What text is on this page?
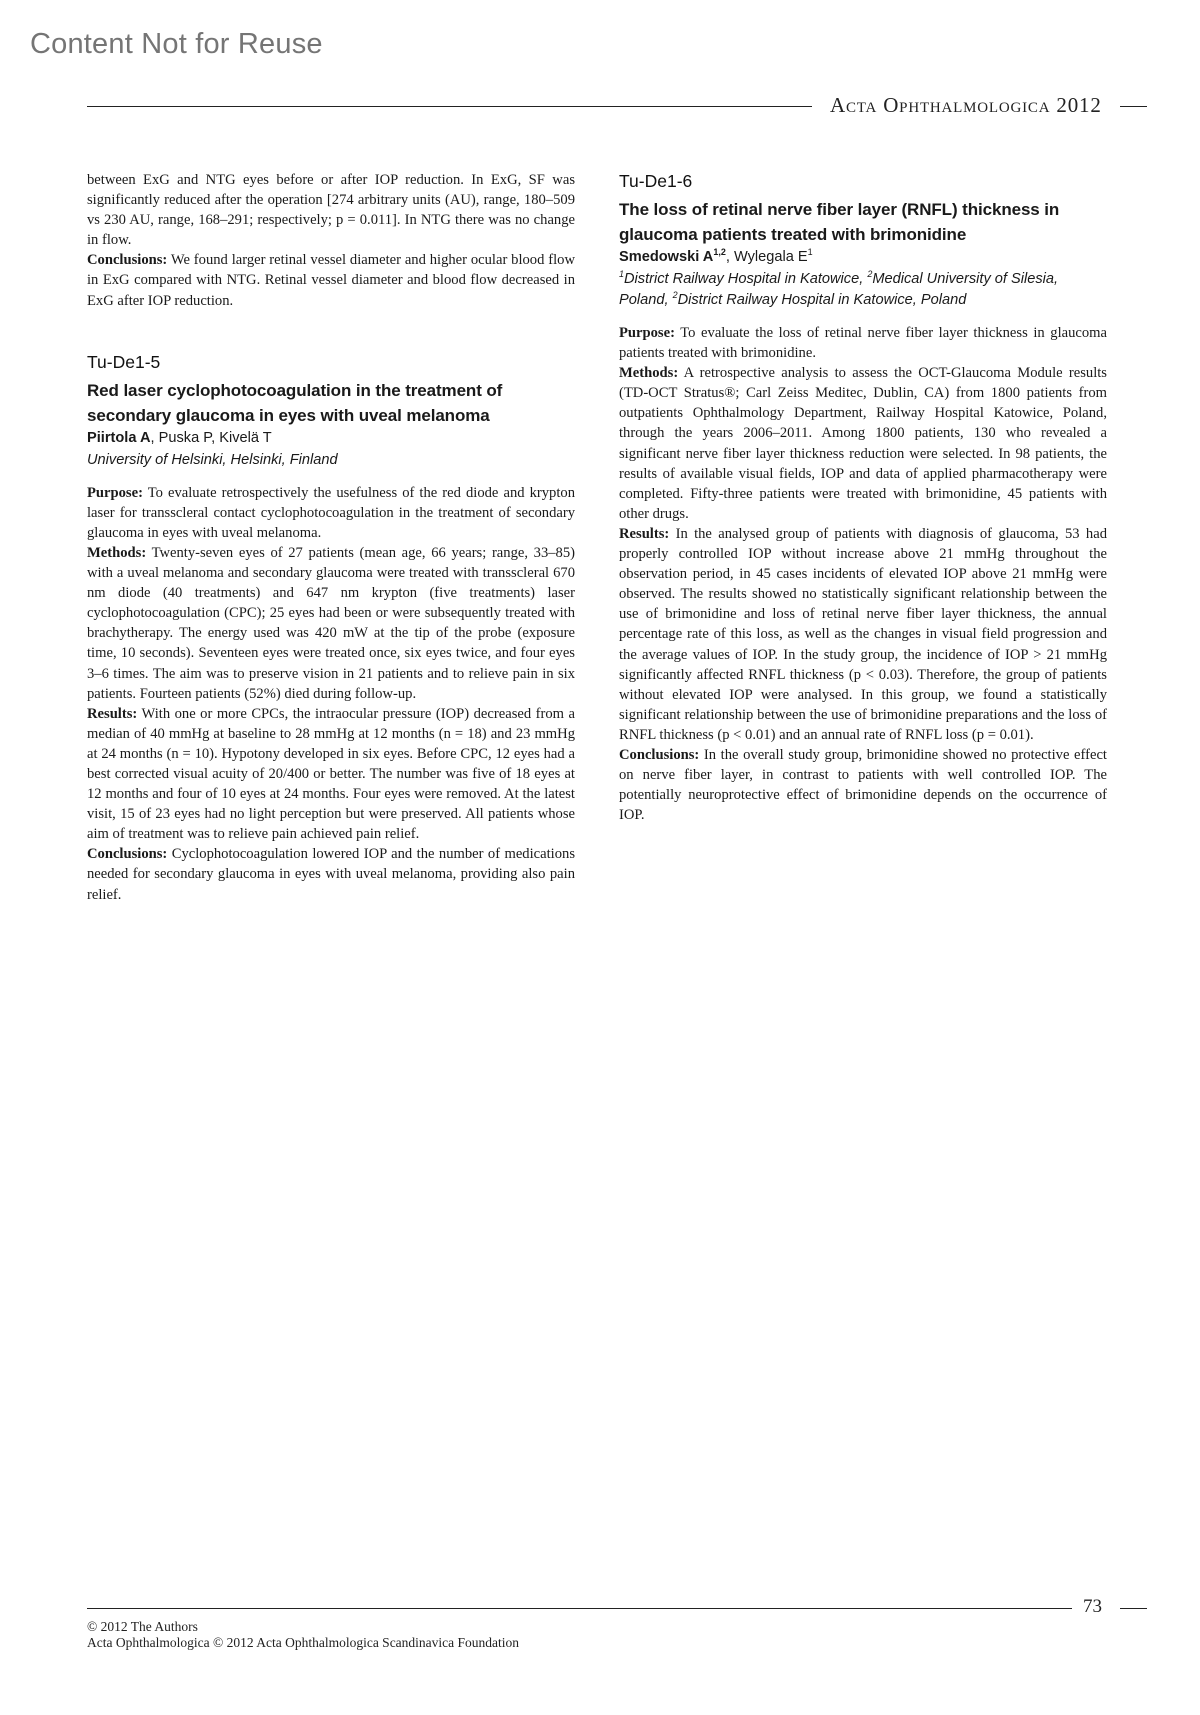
Content Not for Reuse
Acta Ophthalmologica 2012

between ExG and NTG eyes before or after IOP reduction. In ExG, SF was significantly reduced after the operation [274 arbitrary units (AU), range, 180–509 vs 230 AU, range, 168–291; respectively; p = 0.011]. In NTG there was no change in flow.

Conclusions: We found larger retinal vessel diameter and higher ocular blood flow in ExG compared with NTG. Retinal vessel diameter and blood flow decreased in ExG after IOP reduction.

Tu-De1-5
Red laser cyclophotocoagulation in the treatment of secondary glaucoma in eyes with uveal melanoma
Piirtola A, Puska P, Kivelä T
University of Helsinki, Helsinki, Finland

Purpose: To evaluate retrospectively the usefulness of the red diode and krypton laser for transscleral contact cyclophotocoagulation in the treatment of secondary glaucoma in eyes with uveal melanoma.

Methods: Twenty-seven eyes of 27 patients (mean age, 66 years; range, 33–85) with a uveal melanoma and secondary glaucoma were treated with transscleral 670 nm diode (40 treatments) and 647 nm krypton (five treatments) laser cyclophotocoagulation (CPC); 25 eyes had been or were subsequently treated with brachytherapy. The energy used was 420 mW at the tip of the probe (exposure time, 10 seconds). Seventeen eyes were treated once, six eyes twice, and four eyes 3–6 times. The aim was to preserve vision in 21 patients and to relieve pain in six patients. Fourteen patients (52%) died during follow-up.

Results: With one or more CPCs, the intraocular pressure (IOP) decreased from a median of 40 mmHg at baseline to 28 mmHg at 12 months (n = 18) and 23 mmHg at 24 months (n = 10). Hypotony developed in six eyes. Before CPC, 12 eyes had a best corrected visual acuity of 20/400 or better. The number was five of 18 eyes at 12 months and four of 10 eyes at 24 months. Four eyes were removed. At the latest visit, 15 of 23 eyes had no light perception but were preserved. All patients whose aim of treatment was to relieve pain achieved pain relief.

Conclusions: Cyclophotocoagulation lowered IOP and the number of medications needed for secondary glaucoma in eyes with uveal melanoma, providing also pain relief.

Tu-De1-6
The loss of retinal nerve fiber layer (RNFL) thickness in glaucoma patients treated with brimonidine
Smedowski A$^{1,2}$, Wylegala $E^1$
$^1$District Railway Hospital in Katowice, $^2$Medical University of Silesia, Poland, $^2$District Railway Hospital in Katowice, Poland

Purpose: To evaluate the loss of retinal nerve fiber layer thickness in glaucoma patients treated with brimonidine.

Methods: A retrospective analysis to assess the OCT-Glaucoma Module results (TD-OCT Stratus®; Carl Zeiss Meditec, Dublin, CA) from 1800 patients from outpatients Ophthalmology Department, Railway Hospital Katowice, Poland, through the years 2006–2011. Among 1800 patients, 130 who revealed a significant nerve fiber layer thickness reduction were selected. In 98 patients, the results of available visual fields, IOP and data of applied pharmacotherapy were completed. Fifty-three patients were treated with brimonidine, 45 patients with other drugs.

Results: In the analysed group of patients with diagnosis of glaucoma, 53 had properly controlled IOP without increase above 21 mmHg throughout the observation period, in 45 cases incidents of elevated IOP above 21 mmHg were observed. The results showed no statistically significant relationship between the use of brimonidine and loss of retinal nerve fiber layer thickness, the annual percentage rate of this loss, as well as the changes in visual field progression and the average values of IOP. In the study group, the incidence of IOP > 21 mmHg significantly affected RNFL thickness (p < 0.03). Therefore, the group of patients without elevated IOP were analysed. In this group, we found a statistically significant relationship between the use of brimonidine preparations and the loss of RNFL thickness (p < 0.01) and an annual rate of RNFL loss (p = 0.01).

Conclusions: In the overall study group, brimonidine showed no protective effect on nerve fiber layer, in contrast to patients with well controlled IOP. The potentially neuroprotective effect of brimonidine depends on the occurrence of IOP.

73
© 2012 The Authors
Acta Ophthalmologica © 2012 Acta Ophthalmologica Scandinavica Foundation
